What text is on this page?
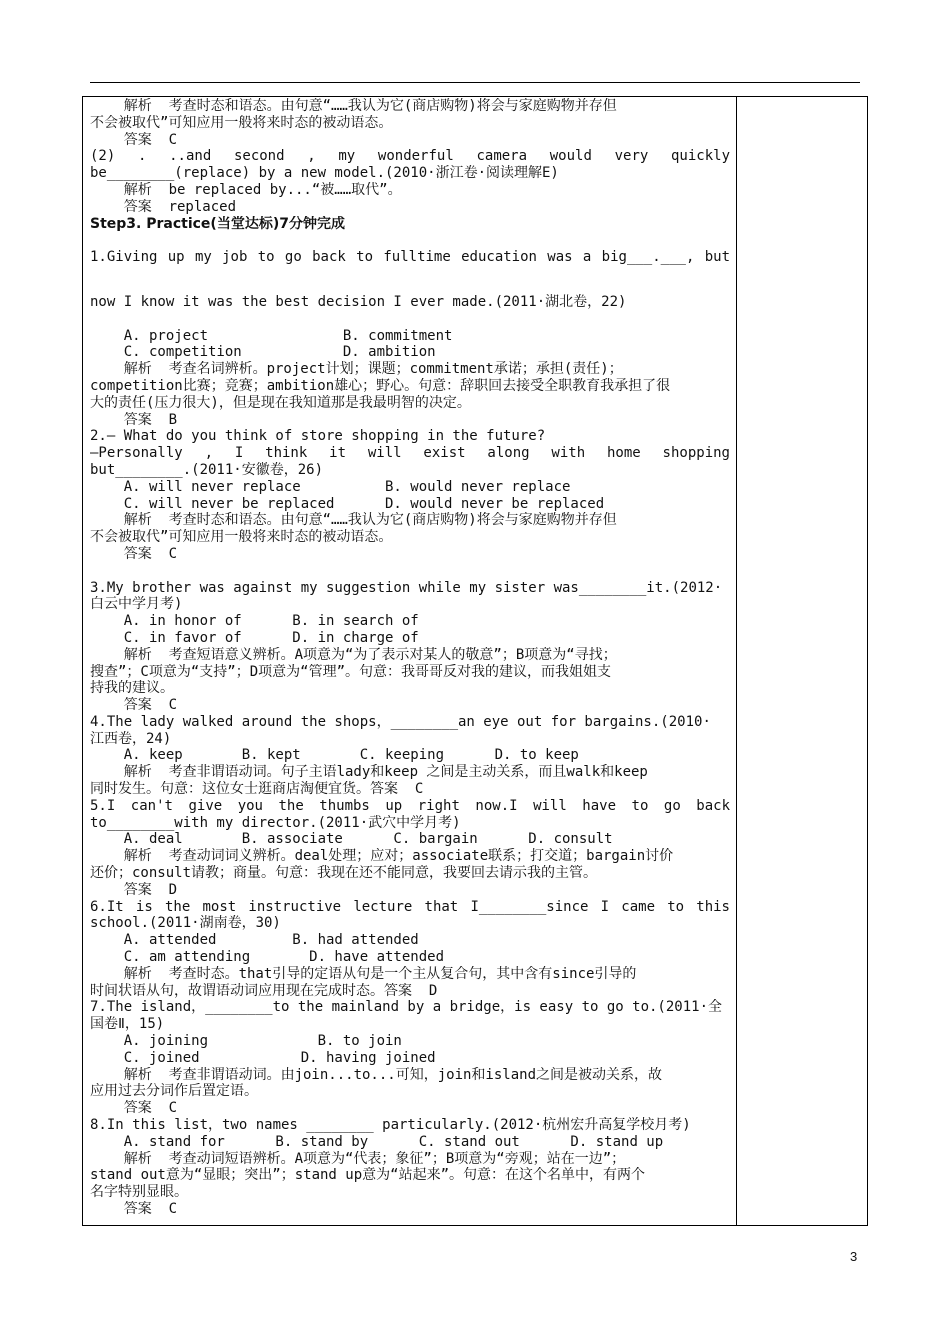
解析  考查时态和语态。由句意“……我认为它(商店购物)将会与家庭购物并存但
不会被取代”可知应用一般将来时态的被动语态。
答案  C
(2) . ..and second , my wonderful camera would very quickly
be________(replace) by a new model.(2010·浙江卷·阅读理解E)
解析  be replaced by...“被……取代”。
答案  replaced
Step3. Practice(当堂达标)7分钟完成
1.Giving up my job to go back to fulltime education was a big___.___, but
now I know it was the best decision I ever made.(2011·湖北卷，22)
A. project                B. commitment
C. competition            D. ambition
解析  考查名词辨析。project计划；课题；commitment承诺；承担(责任)；
competition比赛；竞赛；ambition雄心；野心。句意：辞职回去接受全职教育我承担了很
大的责任(压力很大)，但是现在我知道那是我最明智的决定。
答案  B
2.— What do you think of store shopping in the future?
—Personally , I think it will exist along with home shopping
but________.(2011·安徽卷，26)
A. will never replace          B. would never replace
C. will never be replaced      D. would never be replaced
解析  考查时态和语态。由句意“……我认为它(商店购物)将会与家庭购物并存但
不会被取代”可知应用一般将来时态的被动语态。
答案  C
3.My brother was against my suggestion while my sister was________it.(2012·
白云中学月考)
A. in honor of      B. in search of
C. in favor of      D. in charge of
解析  考查短语意义辨析。A项意为“为了表示对某人的敬意”；B项意为“寻找；
搜查”；C项意为“支持”；D项意为“管理”。句意：我哥哥反对我的建议，而我姐姐支
持我的建议。
答案  C
4.The lady walked around the shops，________an eye out for bargains.(2010·
江西卷，24)
A. keep       B. kept       C. keeping      D. to keep
解析  考查非谓语动词。句子主语lady和keep 之间是主动关系，而且walk和keep
同时发生。句意：这位女士逛商店淘便宜货。答案  C
5.I can't give you the thumbs up right now.I will have to go back
to________with my director.(2011·武穴中学月考)
A. deal       B. associate      C. bargain      D. consult
解析  考查动词词义辨析。deal处理；应对；associate联系；打交道；bargain讨价
还价；consult请教；商量。句意：我现在还不能同意，我要回去请示我的主管。
答案  D
6.It is the most instructive lecture that I________since I came to this
school.(2011·湖南卷，30)
A. attended         B. had attended
C. am attending       D. have attended
解析  考查时态。that引导的定语从句是一个主从复合句，其中含有since引导的
时间状语从句，故谓语动词应用现在完成时态。答案  D
7.The island，________to the mainland by a bridge，is easy to go to.(2011·全
国卷Ⅱ，15)
A. joining             B. to join
C. joined            D. having joined
解析  考查非谓语动词。由join...to...可知，join和island之间是被动关系，故
应用过去分词作后置定语。
答案  C
8.In this list，two names ________ particularly.(2012·杭州宏升高复学校月考)
A. stand for      B. stand by      C. stand out      D. stand up
解析  考查动词短语辨析。A项意为“代表；象征”；B项意为“旁观；站在一边”；
stand out意为“显眼；突出”；stand up意为“站起来”。句意：在这个名单中，有两个
名字特别显眼。
答案  C
3
